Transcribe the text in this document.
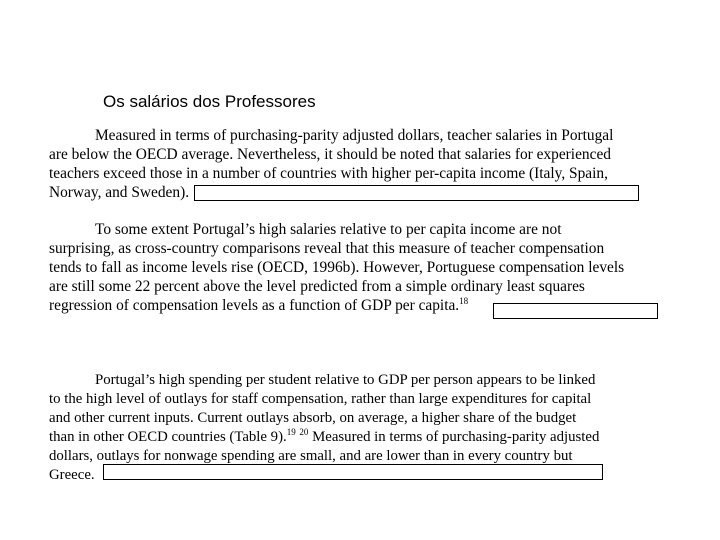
Os salários dos Professores
Measured in terms of purchasing-parity adjusted dollars, teacher salaries in Portugal
are below the OECD average. Nevertheless, it should be noted that salaries for experienced
teachers exceed those in a number of countries with higher per-capita income (Italy, Spain,
Norway, and Sweden).
To some extent Portugal’s high salaries relative to per capita income are not
surprising, as cross-country comparisons reveal that this measure of teacher compensation
tends to fall as income levels rise (OECD, 1996b). However, Portuguese compensation levels
are still some 22 percent above the level predicted from a simple ordinary least squares
regression of compensation levels as a function of GDP per capita.$^{18}$
Portugal’s high spending per student relative to GDP per person appears to be linked
to the high level of outlays for staff compensation, rather than large expenditures for capital
and other current inputs. Current outlays absorb, on average, a higher share of the budget
than in other OECD countries (Table 9).$^{19}$ $^{20}$ Measured in terms of purchasing-parity adjusted
dollars, outlays for nonwage spending are small, and are lower than in every country but
Greece.
